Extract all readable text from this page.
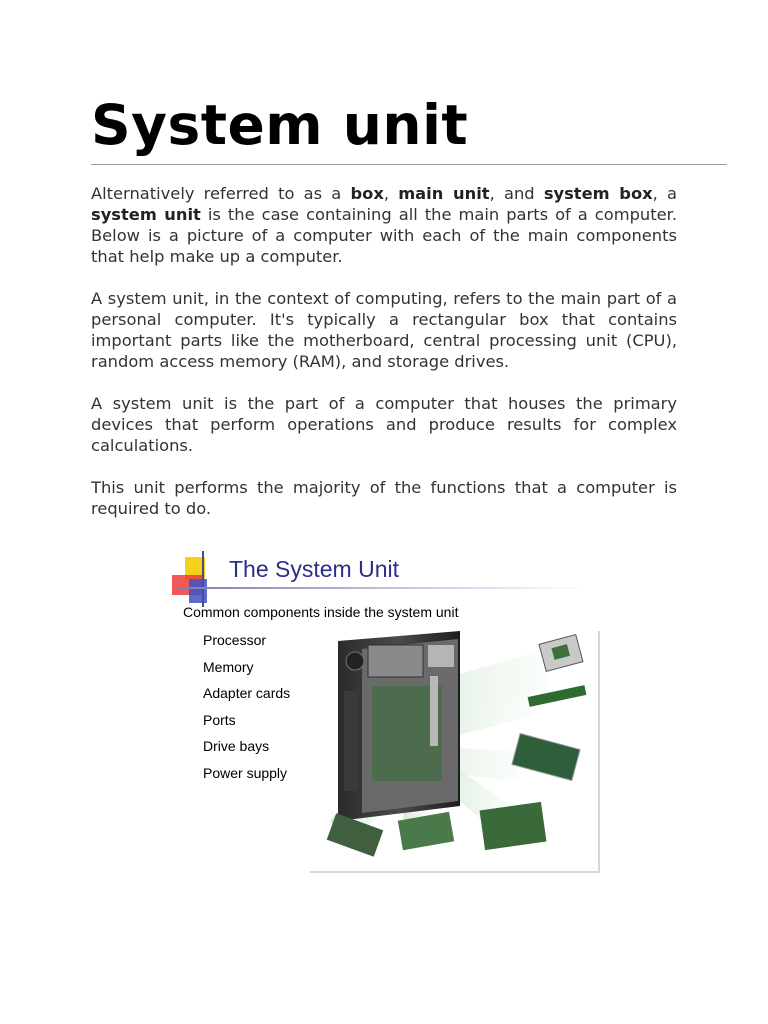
System unit

Alternatively referred to as a box, main unit, and system box, a system unit is the case containing all the main parts of a computer. Below is a picture of a computer with each of the main components that help make up a computer.

A system unit, in the context of computing, refers to the main part of a personal computer. It's typically a rectangular box that contains important parts like the motherboard, central processing unit (CPU), random access memory (RAM), and storage drives.

A system unit is the part of a computer that houses the primary devices that perform operations and produce results for complex calculations.

This unit performs the majority of the functions that a computer is required to do.

The System Unit
Common components inside the system unit
Processor
Memory
Adapter cards
Ports
Drive bays
Power supply
